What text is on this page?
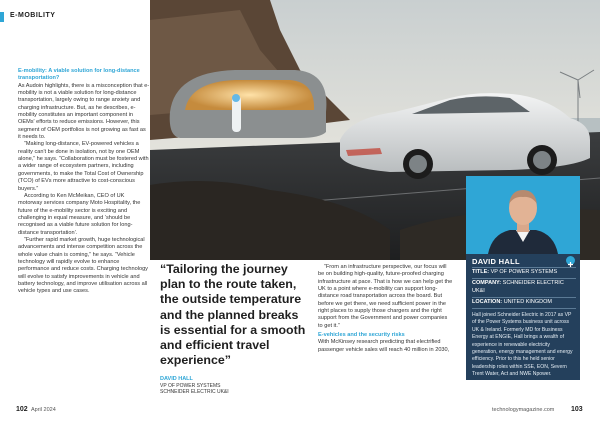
E-MOBILITY

E-mobility: A viable solution for long-distance transportation?

As Audoin highlights, there is a misconception that e-mobility is not a viable solution for long-distance transportation, largely owing to range anxiety and charging infrastructure. But, as he describes, e-mobility constitutes an important component in OEMs' efforts to reduce emissions. However, this segment of OEM portfolios is not growing as fast as it needs to.

“Making long-distance, EV-powered vehicles a reality can't be done in isolation, not by one OEM alone,” he says. “Collaboration must be fostered with a wider range of ecosystem partners, including governments, to make the Total Cost of Ownership (TCO) of EVs more attractive to cost-conscious buyers.”

According to Ken McMeikan, CEO of UK motorway services company Moto Hospitality, the future of the e-mobility sector is exciting and challenging in equal measure, and ‘should be recognised as a viable future solution for long-distance transportation’.

“Further rapid market growth, huge technological advancements and intense competition across the whole value chain is coming,” he says. “Vehicle technology will rapidly evolve to enhance performance and reduce costs. Charging technology will evolve to satisfy improvements in vehicle and battery technology, and improve utilisation across all vehicle types and use cases.

“Tailoring the journey plan to the route taken, the outside temperature and the planned breaks is essential for a smooth and efficient travel experience”
DAVID HALL
VP OF POWER SYSTEMS
SCHNEIDER ELECTRIC UK&I

“From an infrastructure perspective, our focus will be on building high-quality, future-proofed charging infrastructure at pace. That is how we can help get the UK to a point where e-mobility can support long-distance road transportation across the board. But before we get there, we need sufficient power in the right places to supply those chargers and the right support from the Government and power companies to get it.”

E-vehicles and the security risks

With McKinsey research predicting that electrified passenger vehicle sales will reach 40 million in 2030,

DAVID HALL
TITLE: VP OF POWER SYSTEMS
COMPANY: SCHNEIDER ELECTRIC UK&I
LOCATION: UNITED KINGDOM
Hall joined Schneider Electric in 2017 as VP of the Power Systems business unit across UK & Ireland. Formerly MD for Business Energy at ENGIE, Hall brings a wealth of experience in renewable electricity generation, energy management and energy efficiency. Prior to this he held senior leadership roles within SSE, EON, Severn Trent Water, Act and NWE Npower.
102 April 2024	technologymagazine.com 103
